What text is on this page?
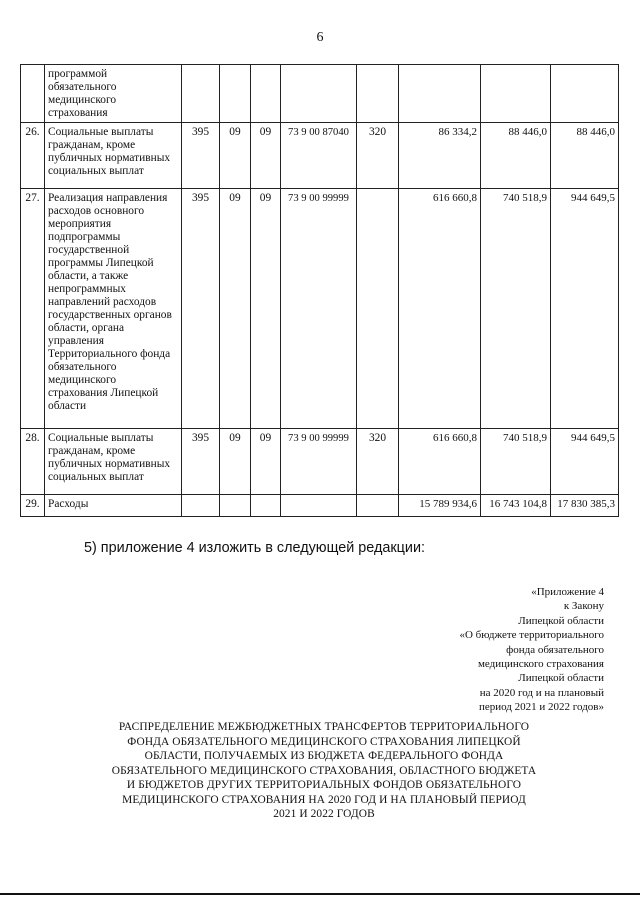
6
	программой обязательного медицинского страхования								
26.	Социальные выплаты гражданам, кроме публичных нормативных социальных выплат	395	09	09	73 9 00 87040	320	86 334,2	88 446,0	88 446,0
27.	Реализация направления расходов основного мероприятия подпрограммы государственной программы Липецкой области, а также непрограммных направлений расходов государственных органов области, органа управления Территориального фонда обязательного медицинского страхования Липецкой области	395	09	09	73 9 00 99999		616 660,8	740 518,9	944 649,5
28.	Социальные выплаты гражданам, кроме публичных нормативных социальных выплат	395	09	09	73 9 00 99999	320	616 660,8	740 518,9	944 649,5
29.	Расходы						15 789 934,6	16 743 104,8	17 830 385,3
5) приложение 4 изложить в следующей редакции:
«Приложение 4
к Закону
Липецкой области
«О бюджете территориального
фонда обязательного
медицинского страхования
Липецкой области
на 2020 год и на плановый
период 2021 и 2022 годов»
РАСПРЕДЕЛЕНИЕ МЕЖБЮДЖЕТНЫХ ТРАНСФЕРТОВ ТЕРРИТОРИАЛЬНОГО
ФОНДА ОБЯЗАТЕЛЬНОГО МЕДИЦИНСКОГО СТРАХОВАНИЯ ЛИПЕЦКОЙ
ОБЛАСТИ, ПОЛУЧАЕМЫХ ИЗ БЮДЖЕТА ФЕДЕРАЛЬНОГО ФОНДА
ОБЯЗАТЕЛЬНОГО МЕДИЦИНСКОГО СТРАХОВАНИЯ, ОБЛАСТНОГО БЮДЖЕТА
И БЮДЖЕТОВ ДРУГИХ ТЕРРИТОРИАЛЬНЫХ ФОНДОВ ОБЯЗАТЕЛЬНОГО
МЕДИЦИНСКОГО СТРАХОВАНИЯ НА 2020 ГОД И НА ПЛАНОВЫЙ ПЕРИОД
2021 И 2022 ГОДОВ
